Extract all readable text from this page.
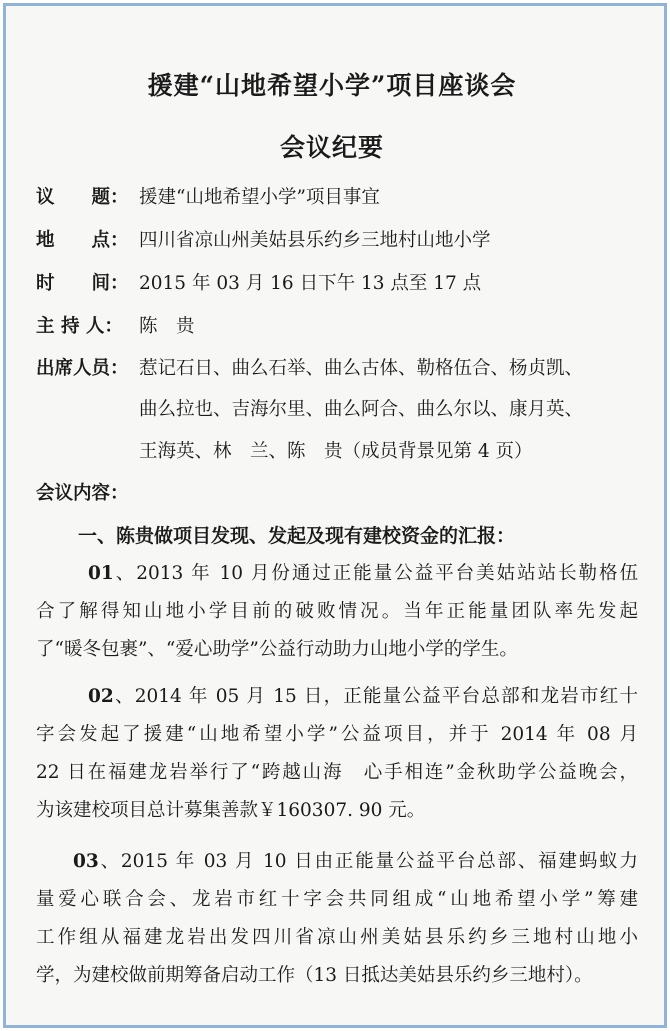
援建“山地希望小学”项目座谈会
会议纪要
议　　题： 援建“山地希望小学”项目事宜
地　　点： 四川省凉山州美姑县乐约乡三地村山地小学
时　　间： 2015 年 03 月 16 日下午 13 点至 17 点
主 持 人： 陈　贵
出席人员： 惹记石日、曲么石举、曲么古体、勒格伍合、杨贞凯、
曲么拉也、吉海尔里、曲么阿合、曲么尔以、康月英、
王海英、林　兰、陈　贵（成员背景见第 4 页）
会议内容：
一、陈贵做项目发现、发起及现有建校资金的汇报：
01、2013 年 10 月份通过正能量公益平台美姑站站长勒格伍
合了解得知山地小学目前的破败情况。当年正能量团队率先发起
了“暖冬包裹”、“爱心助学”公益行动助力山地小学的学生。
02、2014 年 05 月 15 日，正能量公益平台总部和龙岩市红十
字会发起了援建“山地希望小学”公益项目，并于 2014 年 08 月
22 日在福建龙岩举行了“跨越山海　心手相连”金秋助学公益晚会，
为该建校项目总计募集善款￥160307. 90 元。
03、2015 年 03 月 10 日由正能量公益平台总部、福建蚂蚁力
量爱心联合会、龙岩市红十字会共同组成“山地希望小学”筹建
工作组从福建龙岩出发四川省凉山州美姑县乐约乡三地村山地小
学，为建校做前期筹备启动工作（13 日抵达美姑县乐约乡三地村）。
